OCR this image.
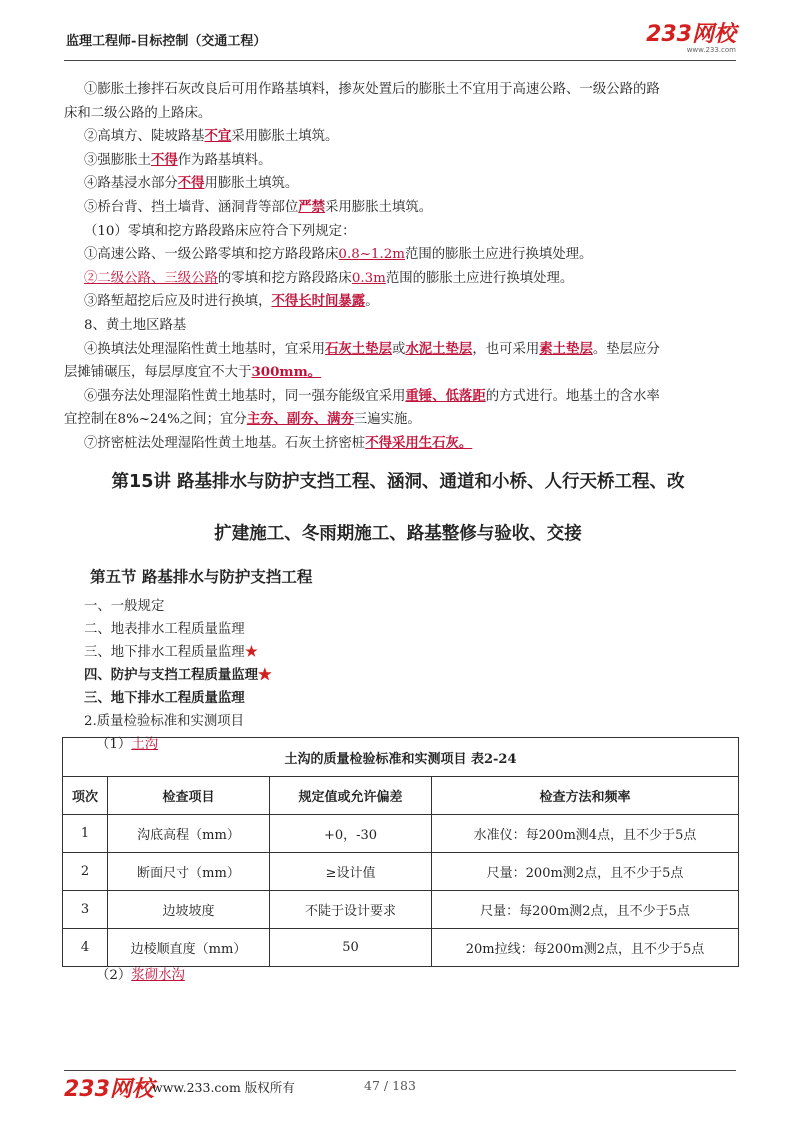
监理工程师-目标控制（交通工程）	233网校
www.233.com

①膨胀土掺拌石灰改良后可用作路基填料，掺灰处置后的膨胀土不宜用于高速公路、一级公路的路

床和二级公路的上路床。

②高填方、陡坡路基不宜采用膨胀土填筑。

③强膨胀土不得作为路基填料。

④路基浸水部分不得用膨胀土填筑。

⑤桥台背、挡土墙背、涵洞背等部位严禁采用膨胀土填筑。

（10）零填和挖方路段路床应符合下列规定：

①高速公路、一级公路零填和挖方路段路床0.8~1.2m范围的膨胀土应进行换填处理。

②二级公路、三级公路的零填和挖方路段路床0.3m范围的膨胀土应进行换填处理。

③路堑超挖后应及时进行换填，不得长时间暴露。

8、黄土地区路基

④换填法处理湿陷性黄土地基时，宜采用石灰土垫层或水泥土垫层，也可采用素土垫层。垫层应分

层摊铺碾压，每层厚度宜不大于300mm。

⑥强夯法处理湿陷性黄土地基时，同一强夯能级宜采用重锤、低落距的方式进行。地基土的含水率

宜控制在8%~24%之间；宜分主夯、副夯、满夯三遍实施。

⑦挤密桩法处理湿陷性黄土地基。石灰土挤密桩不得采用生石灰。

第15讲 路基排水与防护支挡工程、涵洞、通道和小桥、人行天桥工程、改
扩建施工、冬雨期施工、路基整修与验收、交接
第五节 路基排水与防护支挡工程

一、一般规定

二、地表排水工程质量监理

三、地下排水工程质量监理★

四、防护与支挡工程质量监理★

三、地下排水工程质量监理

2.质量检验标准和实测项目

（1）土沟

土沟的质量检验标准和实测项目 表2-24			
项次	检查项目	规定值或允许偏差	检查方法和频率
1	沟底高程（mm）	+0，-30	水准仪：每200m测4点，且不少于5点
2	断面尺寸（mm）	≥设计值	尺量：200m测2点，且不少于5点
3	边坡坡度	不陡于设计要求	尺量：每200m测2点，且不少于5点
4	边棱顺直度（mm）	50	20m拉线：每200m测2点，且不少于5点
（2）浆砌水沟
233网校
www.233.com 版权所有	47 / 183
